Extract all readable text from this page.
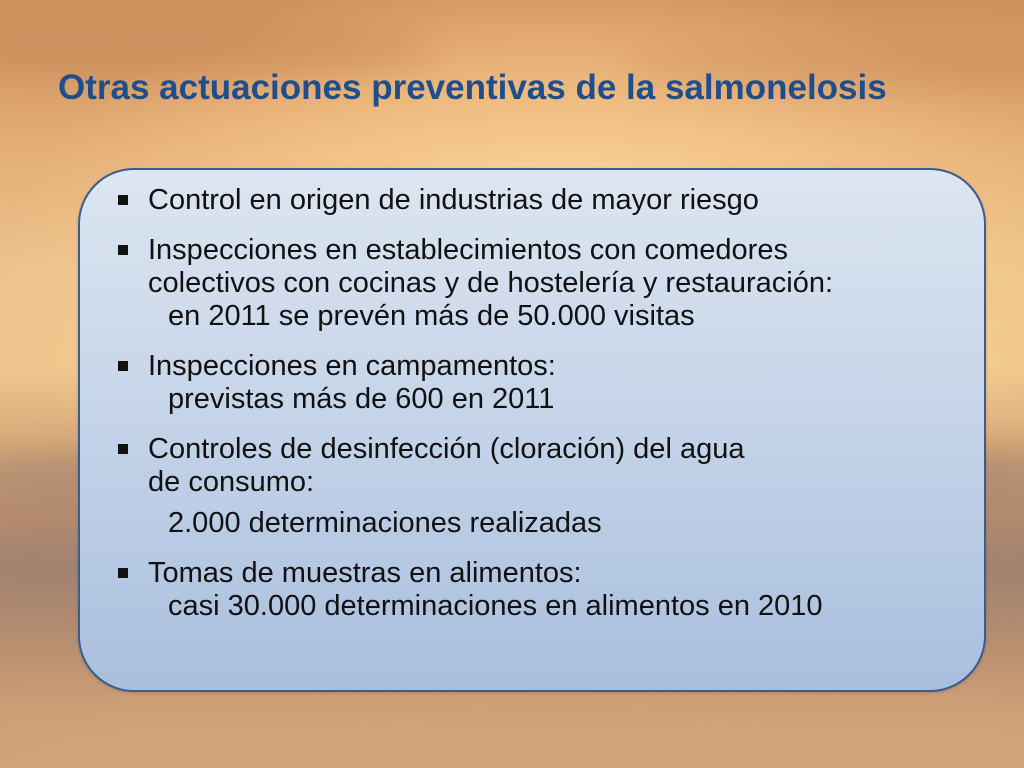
Otras actuaciones preventivas de la salmonelosis
Control en origen de industrias de mayor riesgo
Inspecciones en establecimientos con comedores
colectivos con cocinas y de hostelería y restauración:
en 2011 se prevén más de 50.000 visitas
Inspecciones en campamentos:
previstas más de 600 en 2011
Controles de desinfección (cloración) del agua
de consumo:
2.000 determinaciones realizadas
Tomas de muestras en alimentos:
casi 30.000 determinaciones en alimentos en 2010
